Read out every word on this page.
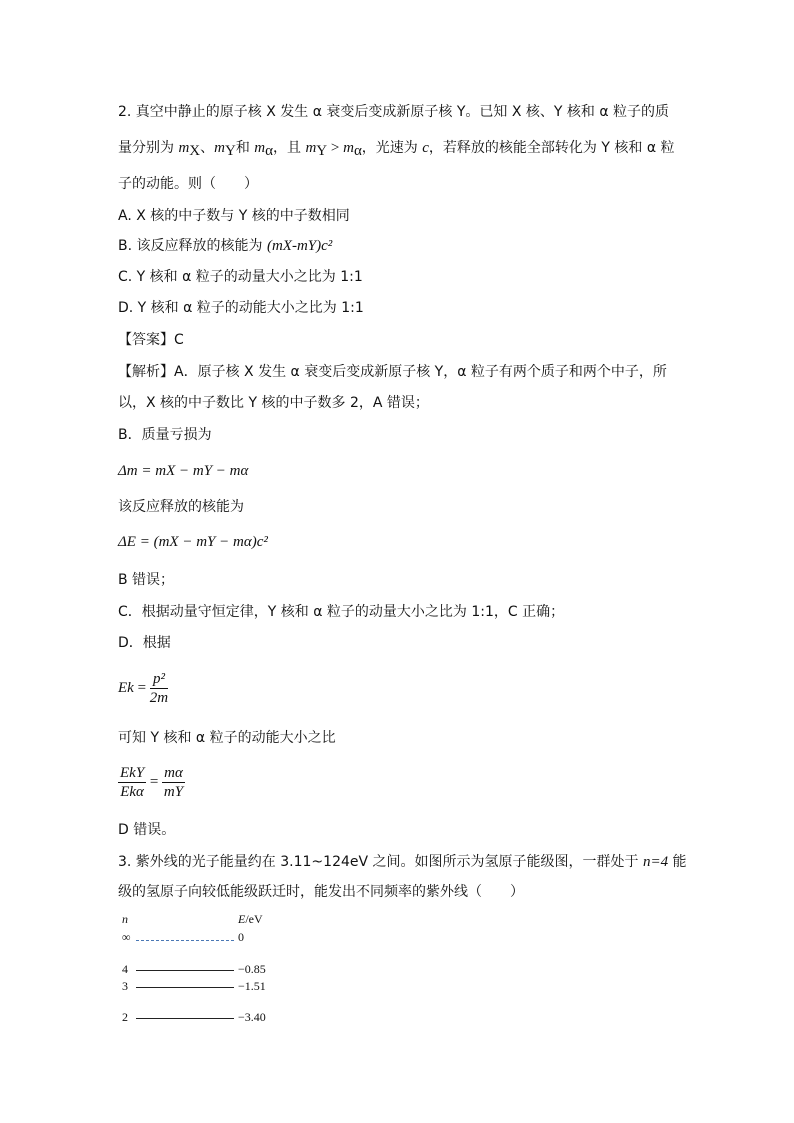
2. 真空中静止的原子核 X 发生 α 衰变后变成新原子核 Y。已知 X 核、Y 核和 α 粒子的质
量分别为 $m_X$、$m_Y$和 $m_\alpha$，且 $m_Y > m_\alpha$，光速为 c，若释放的核能全部转化为 Y 核和 α 粒
子的动能。则（　　）
A. X 核的中子数与 Y 核的中子数相同
B. 该反应释放的核能为 (mX-mY)c²
C. Y 核和 α 粒子的动量大小之比为 1:1
D. Y 核和 α 粒子的动能大小之比为 1:1
【答案】C
【解析】A．原子核 X 发生 α 衰变后变成新原子核 Y，α 粒子有两个质子和两个中子，所
以，X 核的中子数比 Y 核的中子数多 2，A 错误；
B．质量亏损为
Δm = mX − mY − mα
该反应释放的核能为
ΔE = (mX − mY − mα)c²
B 错误；
C．根据动量守恒定律，Y 核和 α 粒子的动量大小之比为 1:1，C 正确；
D．根据
$Ek = \frac{\text{p²}}{2m}$
可知 Y 核和 α 粒子的动能大小之比
$\frac{\text{EkY}}{\text{Ekα}} = \frac{m\alpha}{mY}$
D 错误。
3. 紫外线的光子能量约在 3.11~124eV 之间。如图所示为氢原子能级图，一群处于 n=4 能
级的氢原子向较低能级跃迁时，能发出不同频率的紫外线（　　）
n	E/eV
∞	0
4	−0.85
3	−1.51
2	−3.40
